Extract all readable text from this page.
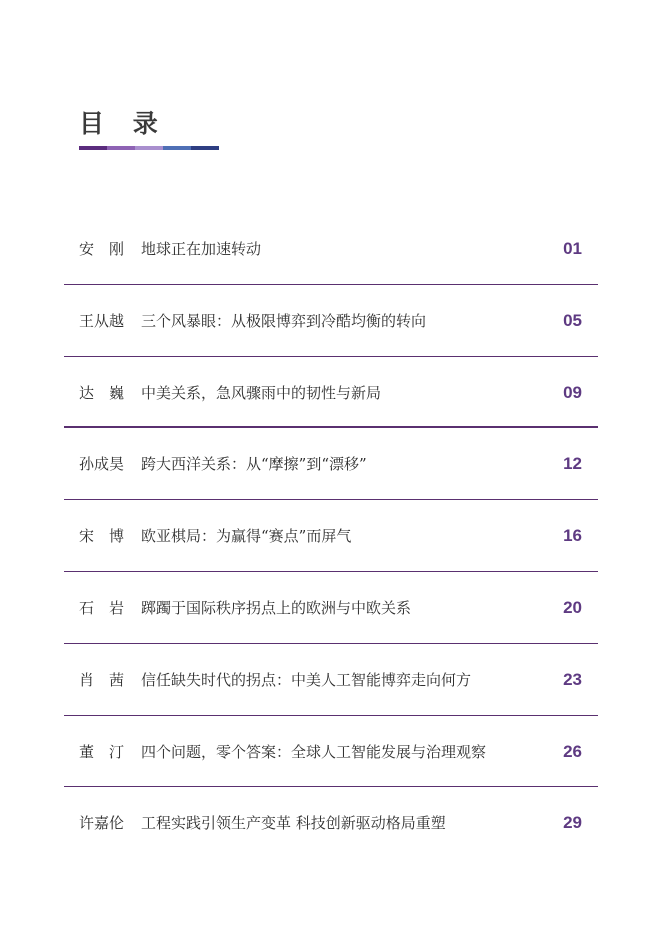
目 录
安　刚 地球正在加速转动	01
王从越 三个风暴眼：从极限博弈到冷酷均衡的转向	05
达　巍 中美关系，急风骤雨中的韧性与新局	09
孙成昊 跨大西洋关系：从“摩擦”到“漂移”	12
宋　博 欧亚棋局：为赢得“赛点”而屏气	16
石　岩 踯躅于国际秩序拐点上的欧洲与中欧关系	20
肖　茜 信任缺失时代的拐点：中美人工智能博弈走向何方	23
董　汀 四个问题，零个答案：全球人工智能发展与治理观察	26
许嘉伦 工程实践引领生产变革 科技创新驱动格局重塑	29
